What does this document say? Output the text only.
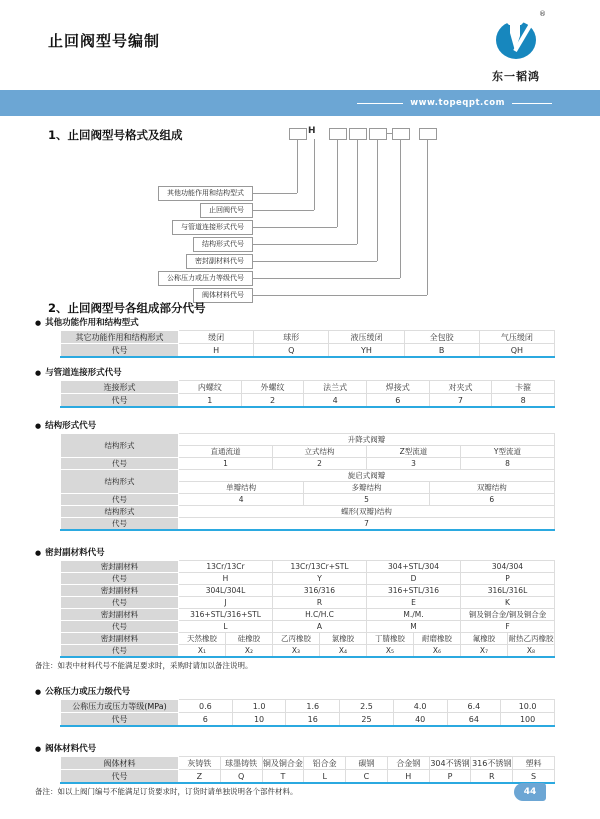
止回阀型号编制
®
东一韬鸿
www.topeqpt.com
1、止回阀型号格式及组成	H
其他功能作用和结构型式
止回阀代号
与管道连接形式代号
结构形式代号
密封副材料代号
公称压力或压力等级代号
阀体材料代号
2、止回阀型号各组成部分代号
● 其他功能作用和结构型式
其它功能作用和结构形式	缓闭	球形	液压缓闭	全包胶	气压缓闭
代号	H	Q	YH	B	QH
● 与管道连接形式代号
连接形式	内螺纹	外螺纹	法兰式	焊接式	对夹式	卡箍
代号	1	2	4	6	7	8
● 结构形式代号
结构形式	升降式阀瓣					
	直通流道	立式结构		Z型流道		Y型流道
代号	1	2		3		8
结构形式	旋启式阀瓣					
	单瓣结构		多瓣结构		双瓣结构	
代号	4		5		6	
结构形式	蝶形(双瓣)结构					
代号	7					
● 密封副材料代号
密封副材料	13Cr/13Cr		13Cr/13Cr+STL		304+STL/304		304/304	
代号	H		Y		D		P	
密封副材料	304L/304L		316/316		316+STL/316		316L/316L	
代号	J		R		E		K	
密封副材料	316+STL/316+STL		H.C/H.C		M./M.		铜及铜合金/铜及铜合金	
代号	L		A		M		F	
密封副材料	天然橡胶	硅橡胶	乙丙橡胶	氯橡胶	丁腈橡胶	耐磨橡胶	氟橡胶	耐热乙丙橡胶
代号	X₁	X₂	X₃	X₄	X₅	X₆	X₇	X₈
备注：如表中材料代号不能满足要求时，采购时请加以备注说明。
● 公称压力或压力级代号
公称压力或压力等级(MPa)	0.6	1.0	1.6	2.5	4.0	6.4	10.0
代号	6	10	16	25	40	64	100
● 阀体材料代号
阀体材料	灰铸铁	球墨铸铁	铜及铜合金	铝合金	碳钢	合金钢	304不锈钢	316不锈钢	塑料
代号	Z	Q	T	L	C	H	P	R	S
备注：如以上阀门编号不能满足订货要求时，订货时请单独说明各个部件材料。	44
